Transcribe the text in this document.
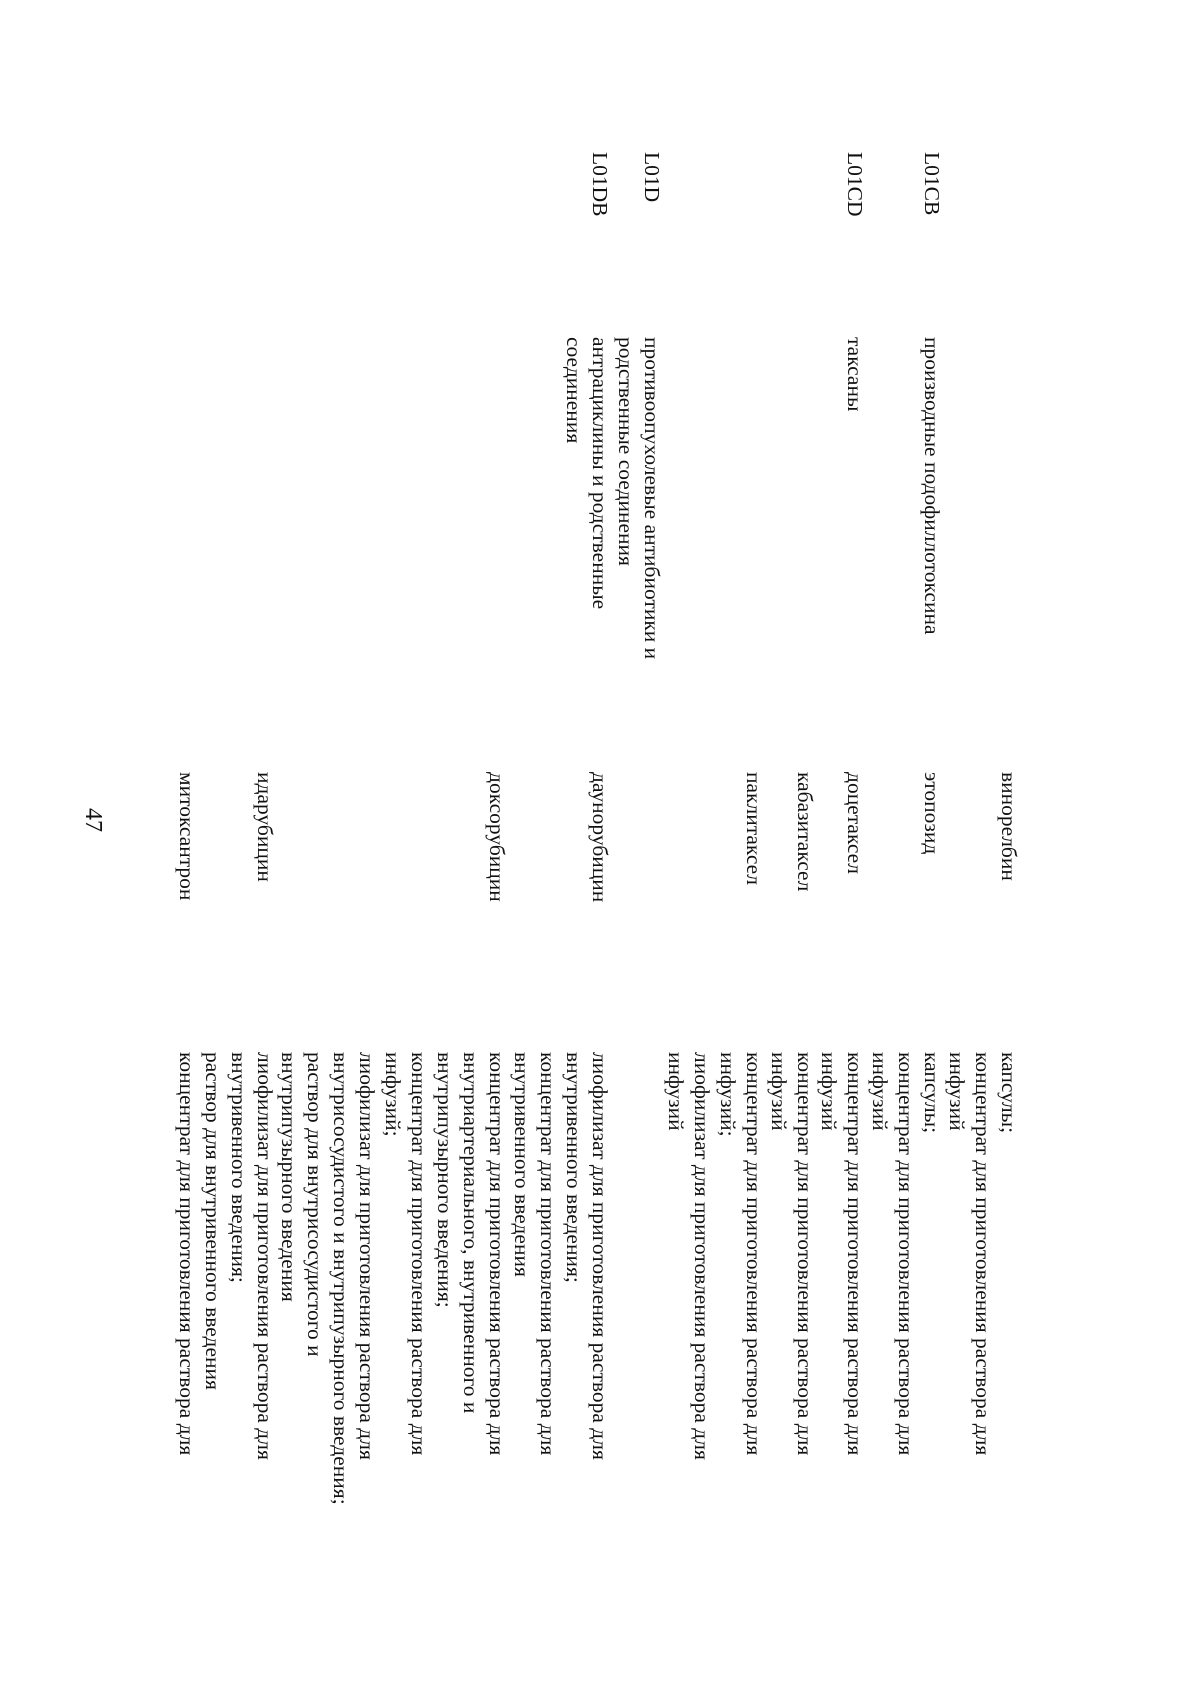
47	винорелбин
капсулы;
концентрат для приготовления раствора для
инфузий
L01CB
производные подофиллотоксина
этопозид
капсулы;
концентрат для приготовления раствора для
инфузий
L01CD
таксаны
доцетаксел
концентрат для приготовления раствора для
инфузий
кабазитаксел
концентрат для приготовления раствора для
инфузий
паклитаксел
концентрат для приготовления раствора для
инфузий;
лиофилизат для приготовления раствора для
инфузий
L01D
противоопухолевые антибиотики и
родственные соединения
L01DB
антрациклины и родственные
соединения
даунорубицин
лиофилизат для приготовления раствора для
внутривенного введения;
концентрат для приготовления раствора для
внутривенного введения
доксорубицин
концентрат для приготовления раствора для
внутриартериального, внутривенного и
внутрипузырного введения;
концентрат для приготовления раствора для
инфузий;
лиофилизат для приготовления раствора для
внутрисосудистого и внутрипузырного введения;
раствор для внутрисосудистого и
внутрипузырного введения
идарубицин
лиофилизат для приготовления раствора для
внутривенного введения;
раствор для внутривенного введения
митоксантрон
концентрат для приготовления раствора для
